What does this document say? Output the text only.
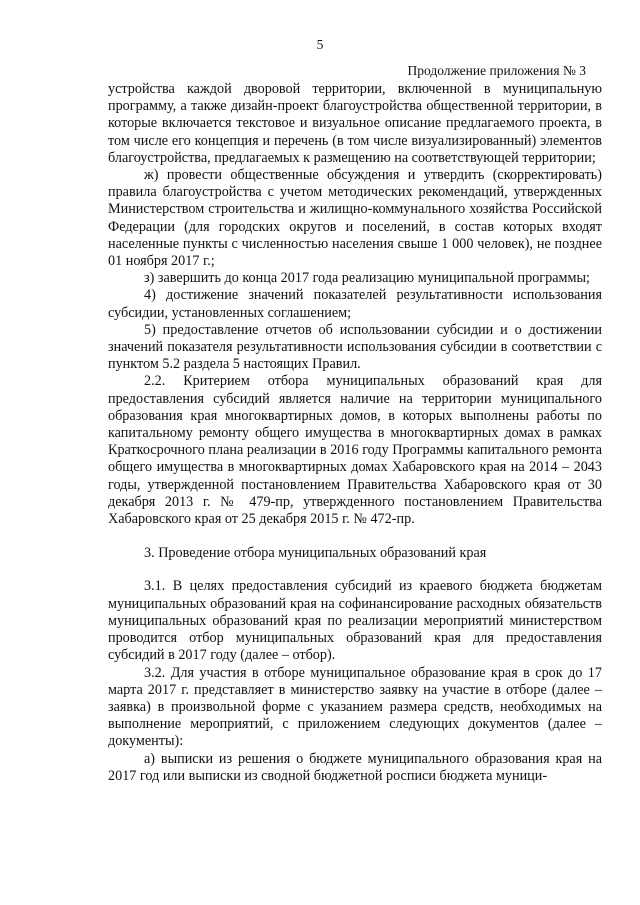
5
Продолжение приложения № 3

устройства каждой дворовой территории, включенной в муниципальную программу, а также дизайн-проект благоустройства общественной территории, в которые включается текстовое и визуальное описание предлагаемого проекта, в том числе его концепция и перечень (в том числе визуализированный) элементов благоустройства, предлагаемых к размещению на соответствующей территории;

ж) провести общественные обсуждения и утвердить (скорректировать) правила благоустройства с учетом методических рекомендаций, утвержденных Министерством строительства и жилищно-коммунального хозяйства Российской Федерации (для городских округов и поселений, в состав которых входят населенные пункты с численностью населения свыше 1 000 человек), не позднее 01 ноября 2017 г.;

з) завершить до конца 2017 года реализацию муниципальной программы;

4) достижение значений показателей результативности использования субсидии, установленных соглашением;

5) предоставление отчетов об использовании субсидии и о достижении значений показателя результативности использования субсидии в соответствии с пунктом 5.2 раздела 5 настоящих Правил.

2.2. Критерием отбора муниципальных образований края для предоставления субсидий является наличие на территории муниципального образования края многоквартирных домов, в которых выполнены работы по капитальному ремонту общего имущества в многоквартирных домах в рамках Краткосрочного плана реализации в 2016 году Программы капитального ремонта общего имущества в многоквартирных домах Хабаровского края на 2014 – 2043 годы, утвержденной постановлением Правительства Хабаровского края от 30 декабря 2013 г. № 479-пр, утвержденного постановлением Правительства Хабаровского края от 25 декабря 2015 г. № 472-пр.

3. Проведение отбора муниципальных образований края

3.1. В целях предоставления субсидий из краевого бюджета бюджетам муниципальных образований края на софинансирование расходных обязательств муниципальных образований края по реализации мероприятий министерством проводится отбор муниципальных образований края для предоставления субсидий в 2017 году (далее – отбор).

3.2. Для участия в отборе муниципальное образование края в срок до 17 марта 2017 г. представляет в министерство заявку на участие в отборе (далее – заявка) в произвольной форме с указанием размера средств, необходимых на выполнение мероприятий, с приложением следующих документов (далее – документы):

а) выписки из решения о бюджете муниципального образования края на 2017 год или выписки из сводной бюджетной росписи бюджета муници-
